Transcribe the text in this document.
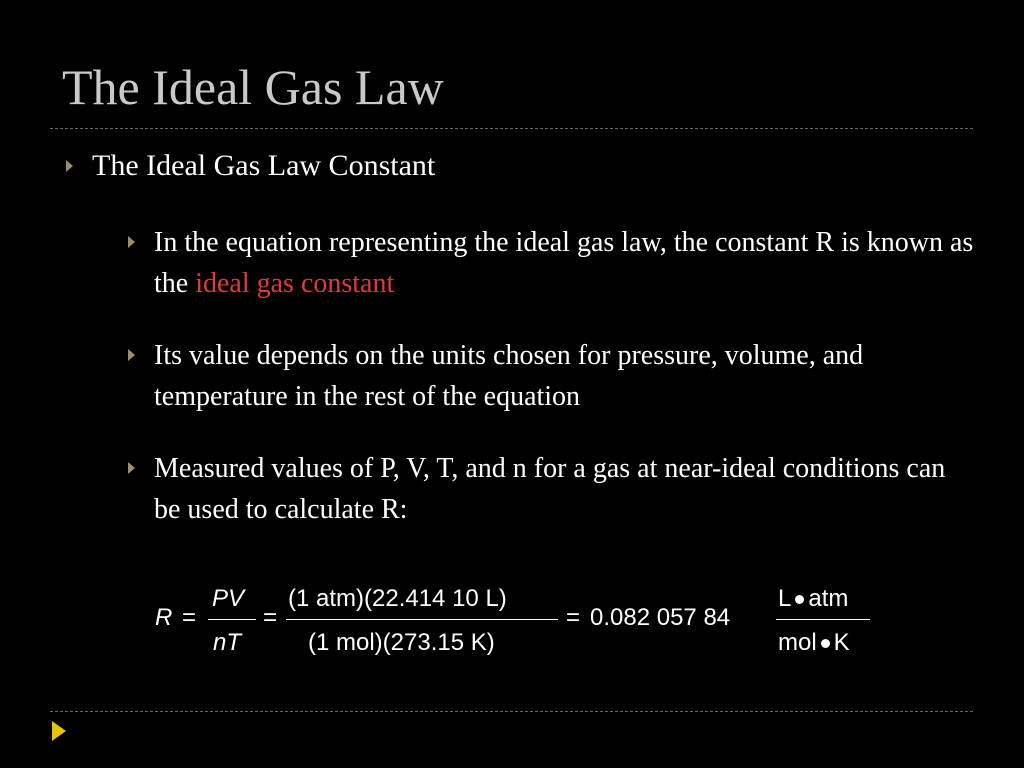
The Ideal Gas Law
The Ideal Gas Law Constant
In the equation representing the ideal gas law, the constant R is known as the ideal gas constant
Its value depends on the units chosen for pressure, volume, and temperature in the rest of the equation
Measured values of P, V, T, and n for a gas at near-ideal conditions can be used to calculate R:
R =
PV
nT
=
(1 atm)(22.414 10 L)
(1 mol)(273.15 K)
= 0.082 057 84
L atm
mol K
